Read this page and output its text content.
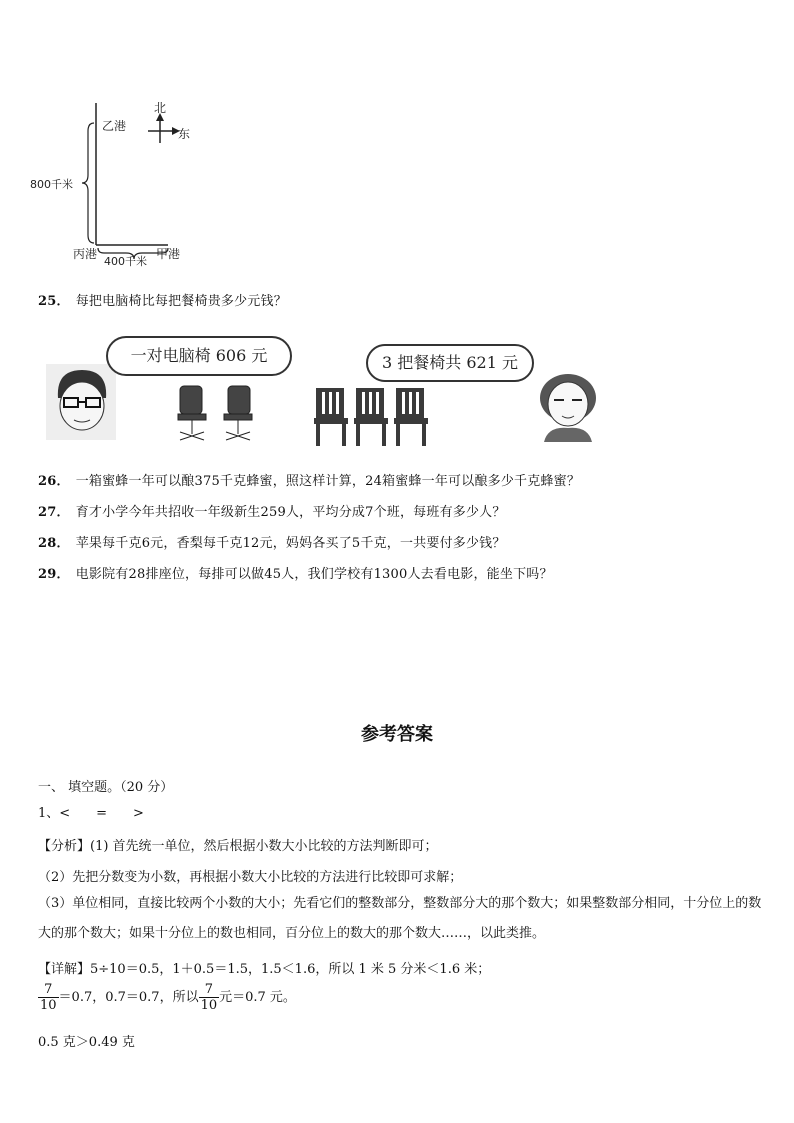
乙港
北
东
800千米
丙港	甲港
400千米
25． 每把电脑椅比每把餐椅贵多少元钱？
一对电脑椅 606 元	3 把餐椅共 621 元
26． 一箱蜜蜂一年可以酿375千克蜂蜜，照这样计算，24箱蜜蜂一年可以酿多少千克蜂蜜？
27． 育才小学今年共招收一年级新生259人，平均分成7个班，每班有多少人？
28． 苹果每千克6元，香梨每千克12元，妈妈各买了5千克，一共要付多少钱？
29． 电影院有28排座位，每排可以做45人，我们学校有1300人去看电影，能坐下吗？
参考答案
一、 填空题。（20 分）
1、<　　=　　>
【分析】(1) 首先统一单位，然后根据小数大小比较的方法判断即可；
（2）先把分数变为小数，再根据小数大小比较的方法进行比较即可求解；
（3）单位相同，直接比较两个小数的大小；先看它们的整数部分，整数部分大的那个数大；如果整数部分相同，十分位上的数大的那个数大；如果十分位上的数也相同，百分位上的数大的那个数大……，以此类推。
【详解】5÷10＝0.5，1＋0.5＝1.5，1.5＜1.6，所以 1 米 5 分米＜1.6 米；
$\frac{7}{10} =0.7$，0.7＝0.7，所以 $\frac{7}{10}$ 元＝0.7 元。
0.5 克＞0.49 克
